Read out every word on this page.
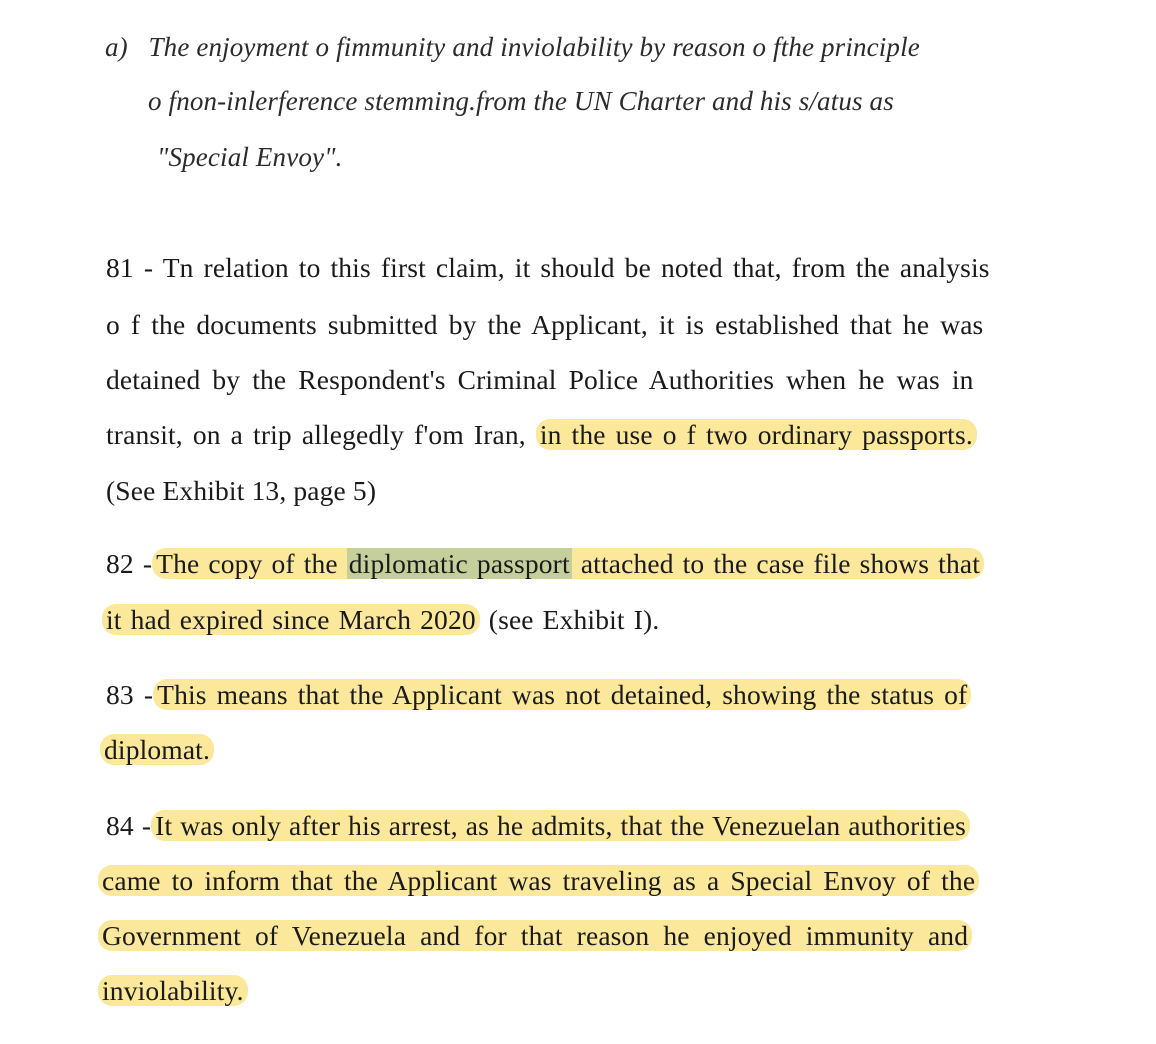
a) The enjoyment o fimmunity and inviolability by reason o fthe principle
o fnon-inlerference stemming.from the UN Charter and his s/atus as
"Special Envoy".
81 - Tn relation to this first claim, it should be noted that, from the analysis
o f the documents submitted by the Applicant, it is established that he was
detained by the Respondent's Criminal Police Authorities when he was in
transit, on a trip allegedly f'om Iran, in the use o f two ordinary passports.
(See Exhibit 13, page 5)
82 - The copy of the diplomatic passport attached to the case file shows that
it had expired since March 2020 (see Exhibit I).
83 - This means that the Applicant was not detained, showing the status of
diplomat.
84 - It was only after his arrest, as he admits, that the Venezuelan authorities
came to inform that the Applicant was traveling as a Special Envoy of the
Government of Venezuela and for that reason he enjoyed immunity and
inviolability.
